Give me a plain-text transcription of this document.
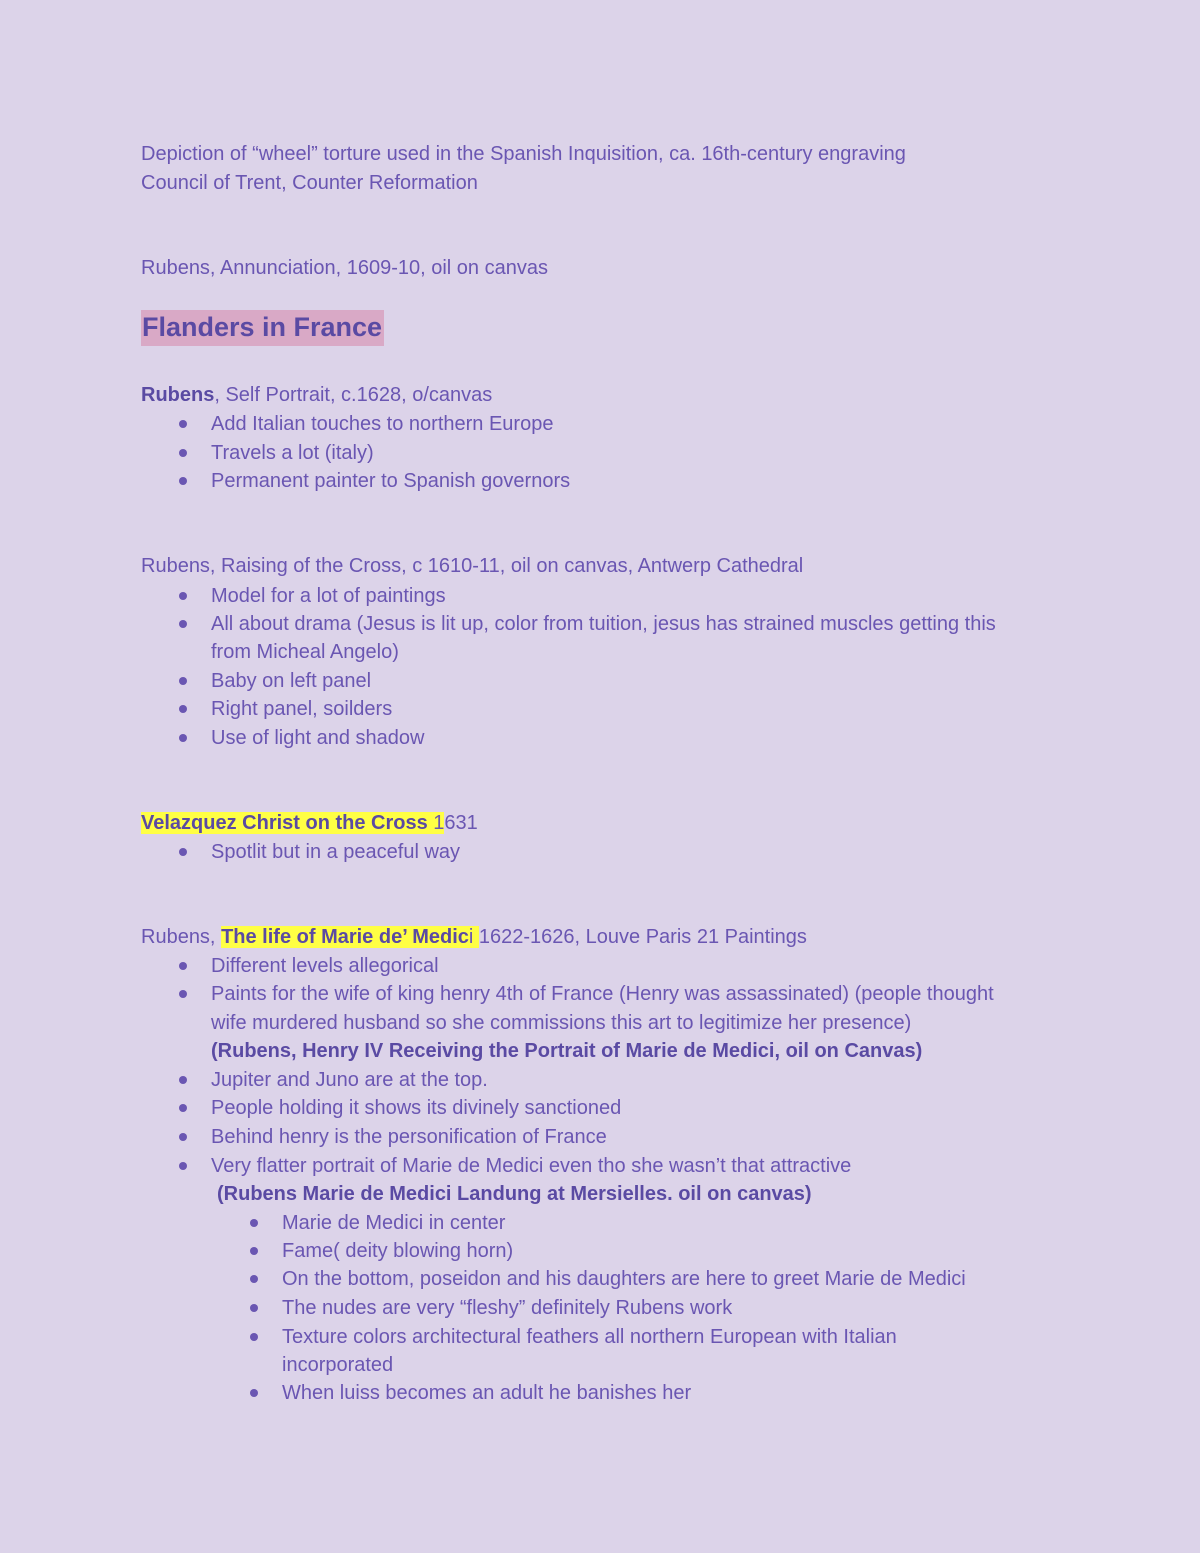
Depiction of “wheel” torture used in the Spanish Inquisition, ca. 16th-century engraving
Council of Trent, Counter Reformation
Rubens, Annunciation, 1609-10, oil on canvas
Flanders in France
Rubens, Self Portrait, c.1628, o/canvas
Add Italian touches to northern Europe
Travels a lot (italy)
Permanent painter to Spanish governors
Rubens, Raising of the Cross, c 1610-11, oil on canvas, Antwerp Cathedral
Model for a lot of paintings
All about drama (Jesus is lit up, color from tuition, jesus has strained muscles getting this
from Micheal Angelo)
Baby on left panel
Right panel, soilders
Use of light and shadow
Velazquez Christ on the Cross 1631
Spotlit but in a peaceful way
Rubens, The life of Marie de’ Medici 1622-1626, Louve Paris 21 Paintings
Different levels allegorical
Paints for the wife of king henry 4th of France (Henry was assassinated) (people thought
wife murdered husband so she commissions this art to legitimize her presence)
(Rubens, Henry IV Receiving the Portrait of Marie de Medici, oil on Canvas)
Jupiter and Juno are at the top.
People holding it shows its divinely sanctioned
Behind henry is the personification of France
Very flatter portrait of Marie de Medici even tho she wasn’t that attractive
(Rubens Marie de Medici Landung at Mersielles. oil on canvas)
Marie de Medici in center
Fame( deity blowing horn)
On the bottom, poseidon and his daughters are here to greet Marie de Medici
The nudes are very “fleshy” definitely Rubens work
Texture colors architectural feathers all northern European with Italian
incorporated
When luiss becomes an adult he banishes her
